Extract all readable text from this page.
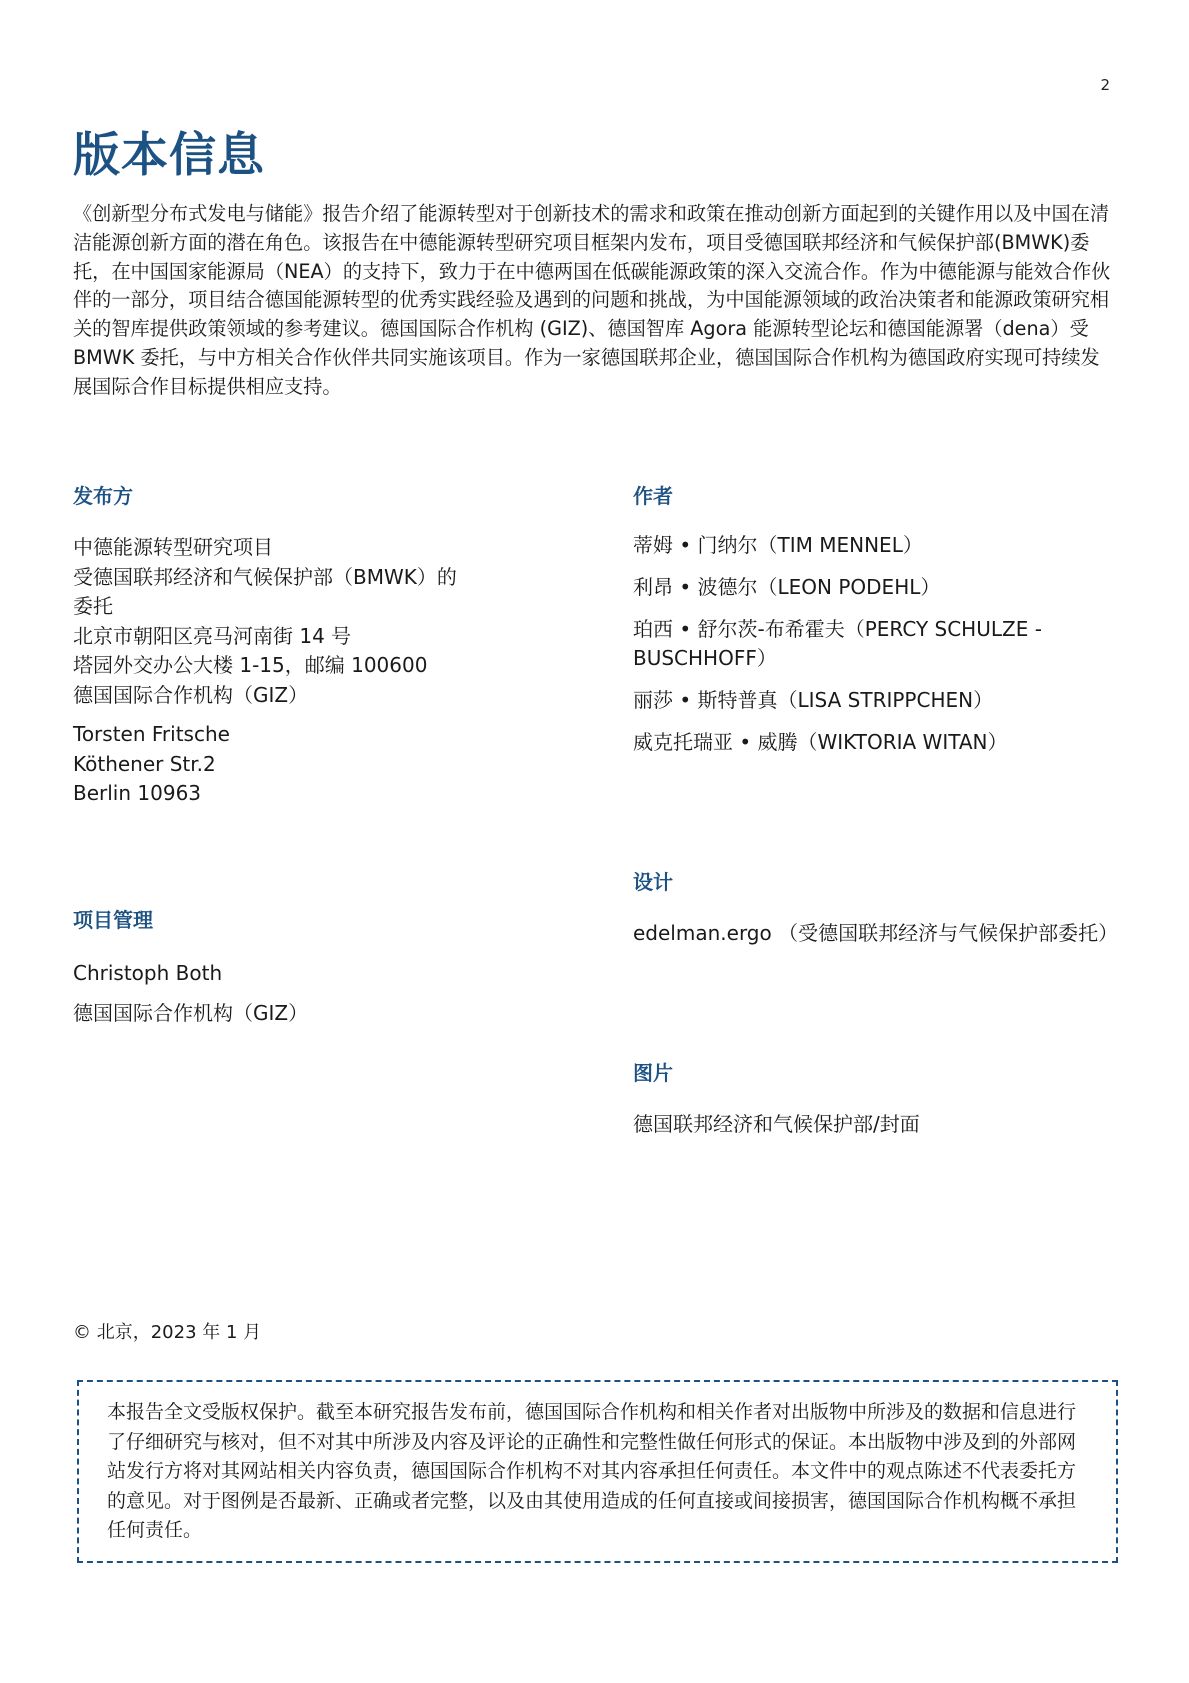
2
版本信息

《创新型分布式发电与储能》报告介绍了能源转型对于创新技术的需求和政策在推动创新方面起到的关键作用以及中国在清洁能源创新方面的潜在角色。该报告在中德能源转型研究项目框架内发布，项目受德国联邦经济和气候保护部(BMWK)委托，在中国国家能源局（NEA）的支持下，致力于在中德两国在低碳能源政策的深入交流合作。作为中德能源与能效合作伙伴的一部分，项目结合德国能源转型的优秀实践经验及遇到的问题和挑战，为中国能源领域的政治决策者和能源政策研究相关的智库提供政策领域的参考建议。德国国际合作机构 (GIZ)、德国智库 Agora 能源转型论坛和德国能源署（dena）受 BMWK 委托，与中方相关合作伙伴共同实施该项目。作为一家德国联邦企业，德国国际合作机构为德国政府实现可持续发展国际合作目标提供相应支持。

发布方
中德能源转型研究项目
受德国联邦经济和气候保护部（BMWK）的
委托
北京市朝阳区亮马河南街 14 号
塔园外交办公大楼 1-15，邮编 100600
德国国际合作机构（GIZ）
Torsten Fritsche
Köthener Str.2
Berlin 10963
项目管理
Christoph Both
德国国际合作机构（GIZ）
作者

蒂姆 • 门纳尔（TIM MENNEL）

利昂 • 波德尔（LEON PODEHL）

珀西 • 舒尔茨-布希霍夫（PERCY SCHULZE - BUSCHHOFF）

丽莎 • 斯特普真（LISA STRIPPCHEN）

威克托瑞亚 • 威腾（WIKTORIA WITAN）

设计

edelman.ergo （受德国联邦经济与气候保护部委托）

图片

德国联邦经济和气候保护部/封面

© 北京，2023 年 1 月

本报告全文受版权保护。截至本研究报告发布前，德国国际合作机构和相关作者对出版物中所涉及的数据和信息进行了仔细研究与核对，但不对其中所涉及内容及评论的正确性和完整性做任何形式的保证。本出版物中涉及到的外部网站发行方将对其网站相关内容负责，德国国际合作机构不对其内容承担任何责任。本文件中的观点陈述不代表委托方的意见。对于图例是否最新、正确或者完整，以及由其使用造成的任何直接或间接损害，德国国际合作机构概不承担任何责任。
